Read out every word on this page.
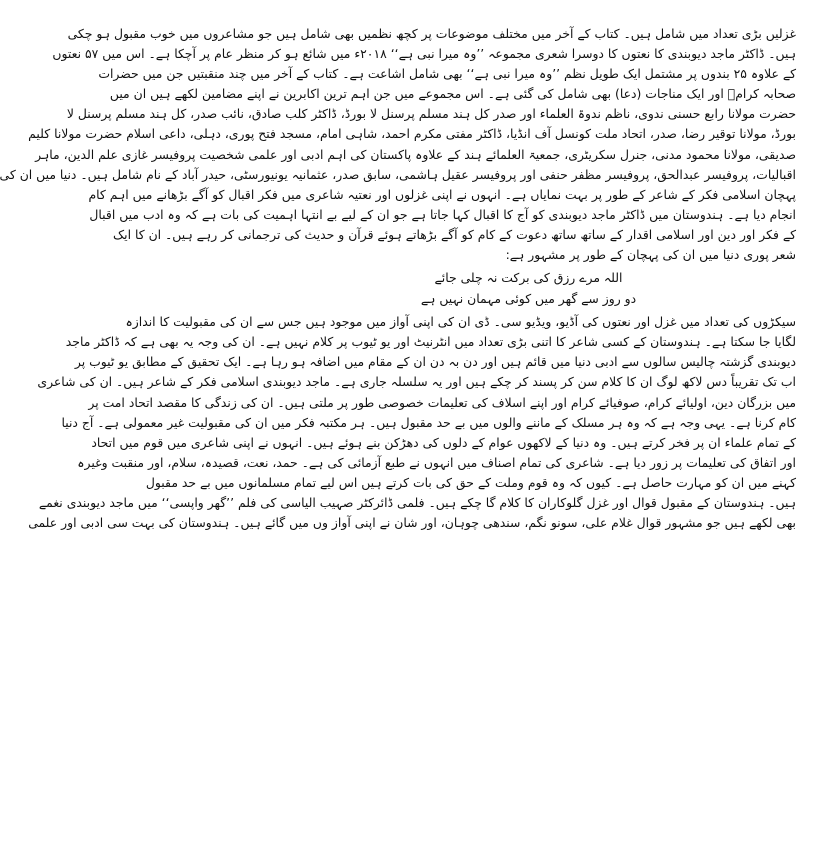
غزلیں بڑی تعداد میں شامل ہیں۔ کتاب کے آخر میں مختلف موضوعات پر کچھ نظمیں بھی شامل ہیں جو مشاعروں میں خوب مقبول ہو چکی
ہیں۔ ڈاکٹر ماجد دیوبندی کا نعتوں کا دوسرا شعری مجموعہ ’’وہ میرا نبی ہے‘‘ ۲۰۱۸ء میں شائع ہو کر منظر عام پر آچکا ہے۔ اس میں ۵۷ نعتوں
کے علاوہ ۲۵ بندوں پر مشتمل ایک طویل نظم ’’وہ میرا نبی ہے‘‘ بھی شامل اشاعت ہے۔ کتاب کے آخر میں چند منقبتیں جن میں حضرات
صحابہ کرامؓ اور ایک مناجات (دعا) بھی شامل کی گئی ہے۔ اس مجموعے میں جن اہم ترین اکابرین نے اپنے مضامین لکھے ہیں ان میں
حضرت مولانا رابع حسنی ندوی، ناظم ندوۃ العلماء اور صدر کل ہند مسلم پرسنل لا بورڈ، ڈاکٹر کلب صادق، نائب صدر، کل ہند مسلم پرسنل لا
بورڈ، مولانا توقیر رضا، صدر، اتحاد ملت کونسل آف انڈیا، ڈاکٹر مفتی مکرم احمد، شاہی امام، مسجد فتح پوری، دہلی، داعی اسلام حضرت مولانا کلیم
صدیقی، مولانا محمود مدنی، جنرل سکریٹری، جمعیۃ العلمائے ہند کے علاوہ پاکستان کی اہم ادبی اور علمی شخصیت پروفیسر غازی علم الدین، ماہر
اقبالیات، پروفیسر عبدالحق، پروفیسر مظفر حنفی اور پروفیسر عقیل ہاشمی، سابق صدر، عثمانیہ یونیورسٹی، حیدر آباد کے نام شامل ہیں۔ دنیا میں ان کی
پہچان اسلامی فکر کے شاعر کے طور پر بہت نمایاں ہے۔ انہوں نے اپنی غزلوں اور نعتیہ شاعری میں فکر اقبال کو آگے بڑھانے میں اہم کام
انجام دیا ہے۔ ہندوستان میں ڈاکٹر ماجد دیوبندی کو آج کا اقبال کہا جاتا ہے جو ان کے لیے بے انتہا اہمیت کی بات ہے کہ وہ ادب میں اقبال
کے فکر اور دین اور اسلامی اقدار کے ساتھ ساتھ دعوت کے کام کو آگے بڑھاتے ہوئے قرآن و حدیث کی ترجمانی کر رہے ہیں۔ ان کا ایک
شعر پوری دنیا میں ان کی پہچان کے طور پر مشہور ہے:
اللہ مرے رزق کی برکت نہ چلی جائے
دو روز سے گھر میں کوئی مہمان نہیں ہے
سیکڑوں کی تعداد میں غزل اور نعتوں کی آڈیو، ویڈیو سی۔ ڈی ان کی اپنی آواز میں موجود ہیں جس سے ان کی مقبولیت کا اندازہ
لگایا جا سکتا ہے۔ ہندوستان کے کسی شاعر کا اتنی بڑی تعداد میں انٹرنیٹ اور یو ٹیوب پر کلام نہیں ہے۔ ان کی وجہ یہ بھی ہے کہ ڈاکٹر ماجد
دیوبندی گزشتہ چالیس سالوں سے ادبی دنیا میں قائم ہیں اور دن بہ دن ان کے مقام میں اضافہ ہو رہا ہے۔ ایک تحقیق کے مطابق یو ٹیوب پر
اب تک تقریباً دس لاکھ لوگ ان کا کلام سن کر پسند کر چکے ہیں اور یہ سلسلہ جاری ہے۔ ماجد دیوبندی اسلامی فکر کے شاعر ہیں۔ ان کی شاعری
میں بزرگان دین، اولیائے کرام، صوفیائے کرام اور اپنے اسلاف کی تعلیمات خصوصی طور پر ملتی ہیں۔ ان کی زندگی کا مقصد اتحاد امت پر
کام کرنا ہے۔ یہی وجہ ہے کہ وہ ہر مسلک کے ماننے والوں میں بے حد مقبول ہیں۔ ہر مکتبہ فکر میں ان کی مقبولیت غیر معمولی ہے۔ آج دنیا
کے تمام علماء ان پر فخر کرتے ہیں۔ وہ دنیا کے لاکھوں عوام کے دلوں کی دھڑکن بنے ہوئے ہیں۔ انہوں نے اپنی شاعری میں قوم میں اتحاد
اور اتفاق کی تعلیمات پر زور دیا ہے۔ شاعری کی تمام اصناف میں انہوں نے طبع آزمائی کی ہے۔ حمد، نعت، قصیدہ، سلام، اور منقبت وغیرہ
کہنے میں ان کو مہارت حاصل ہے۔ کیوں کہ وہ قوم وملت کے حق کی بات کرتے ہیں اس لیے تمام مسلمانوں میں بے حد مقبول
ہیں۔ ہندوستان کے مقبول قوال اور غزل گلوکاران کا کلام گا چکے ہیں۔ فلمی ڈائرکٹر صہیب الیاسی کی فلم ’’گھر واپسی‘‘ میں ماجد دیوبندی نغمے
بھی لکھے ہیں جو مشہور قوال غلام علی، سونو نگم، سندھی چوہان، اور شان نے اپنی آواز وں میں گائے ہیں۔ ہندوستان کی بہت سی ادبی اور علمی
